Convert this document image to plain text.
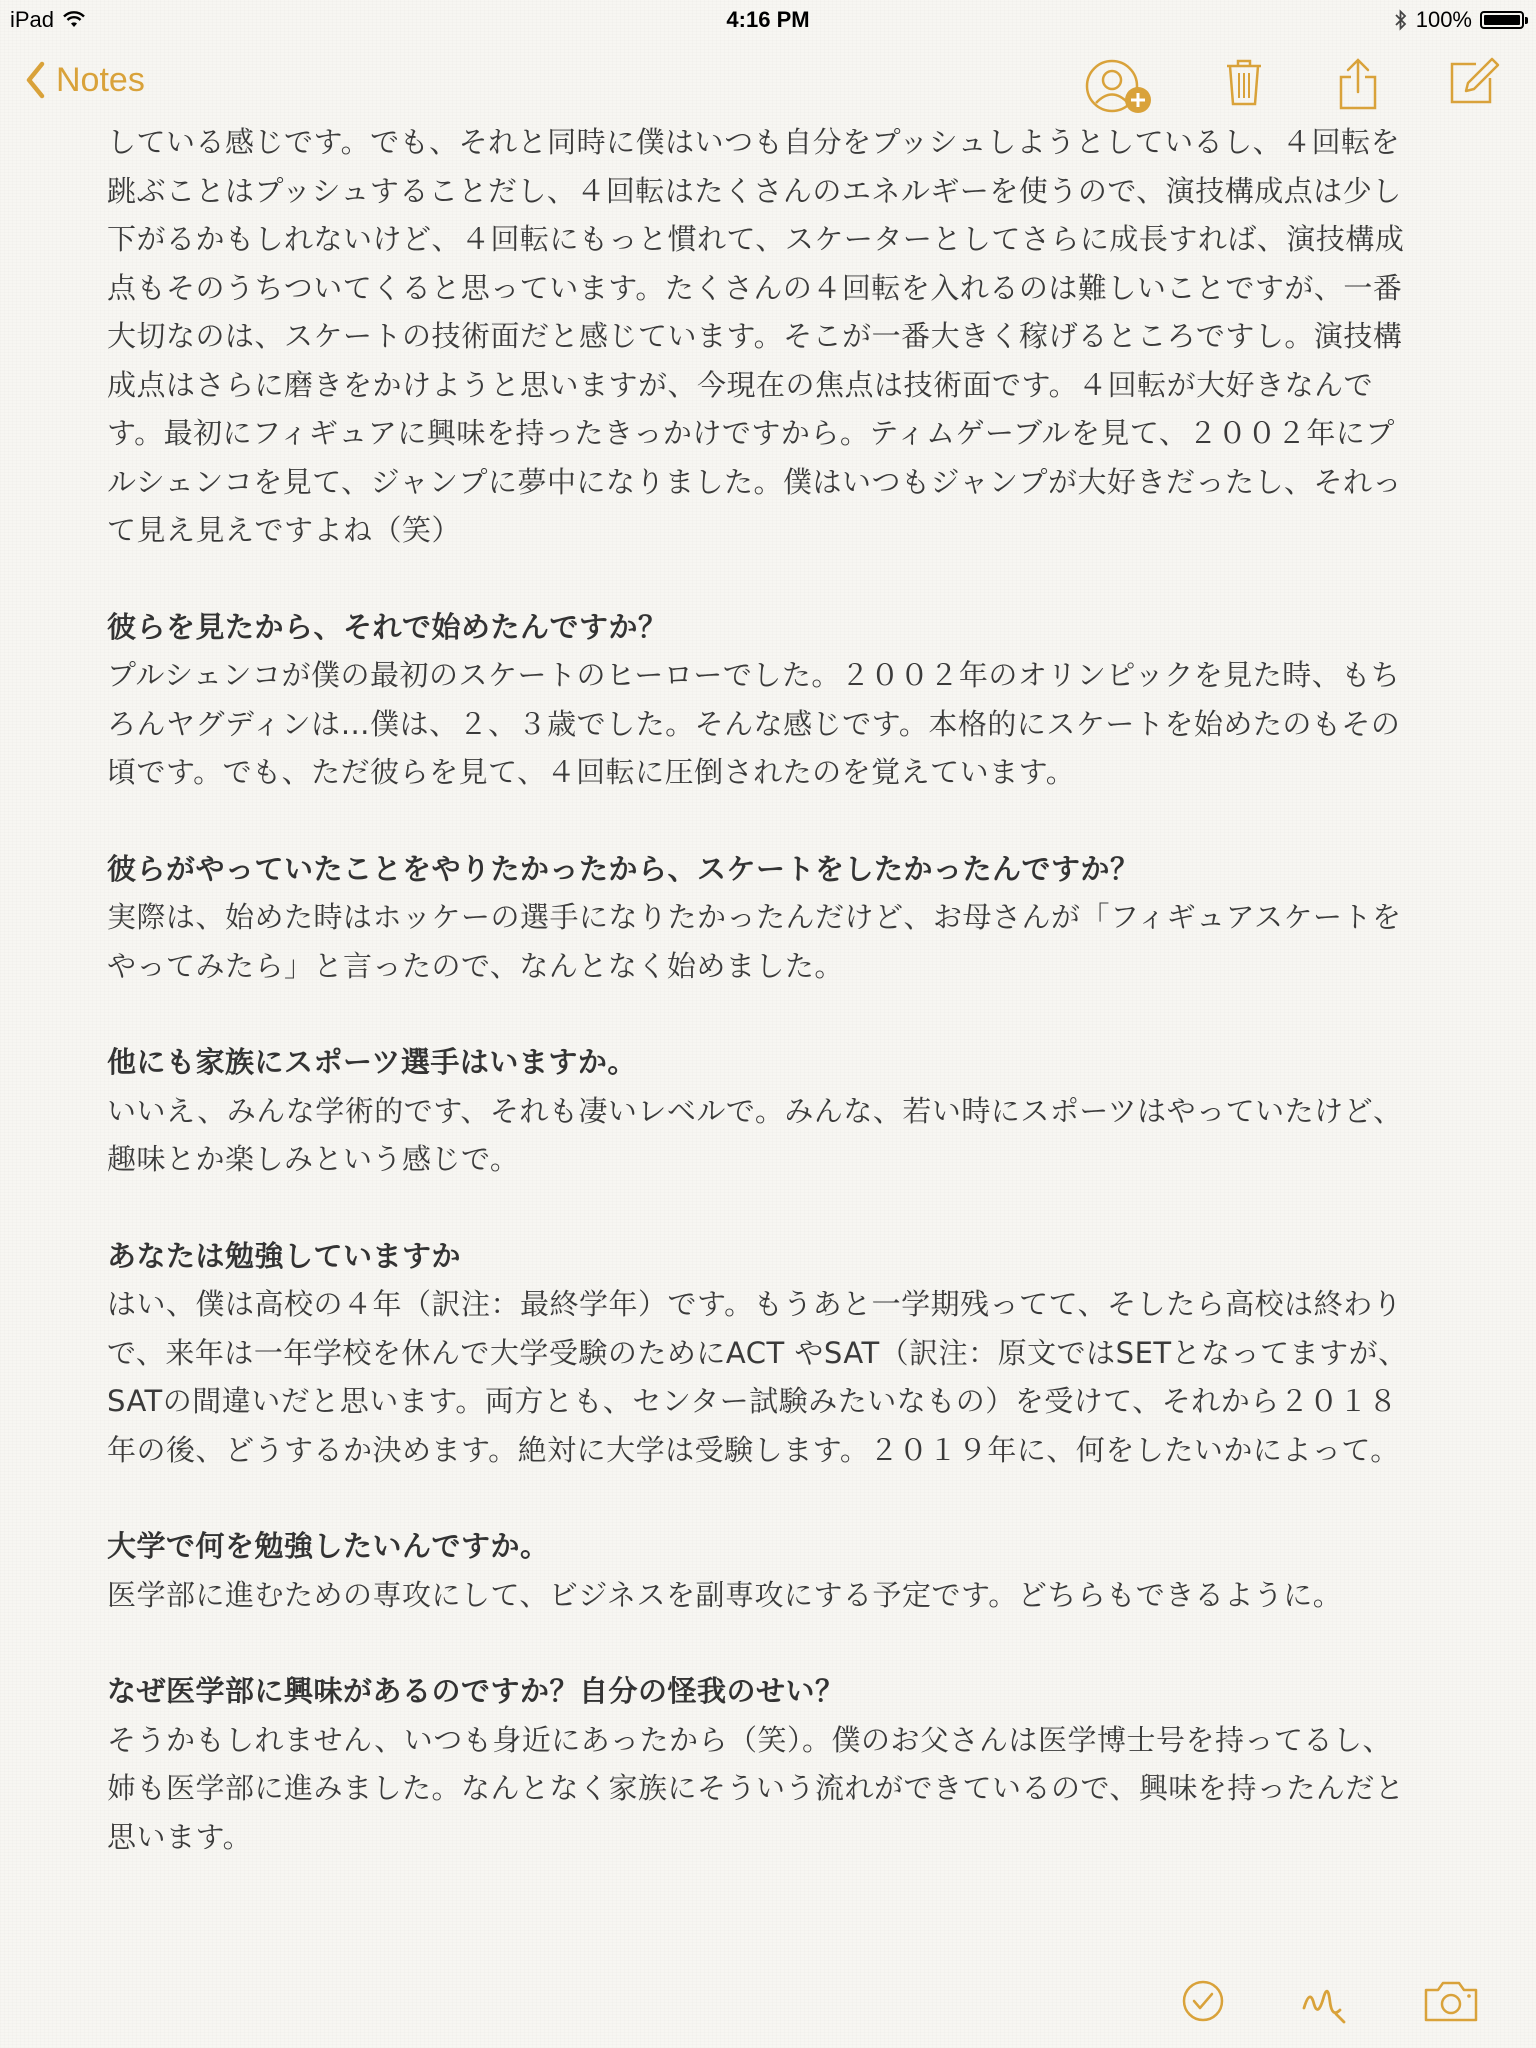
iPad	4:16 PM	100%
Notes

している感じです。でも、それと同時に僕はいつも自分をプッシュしようとしているし、４回転を跳ぶことはプッシュすることだし、４回転はたくさんのエネルギーを使うので、演技構成点は少し下がるかもしれないけど、４回転にもっと慣れて、スケーターとしてさらに成長すれば、演技構成点もそのうちついてくると思っています。たくさんの４回転を入れるのは難しいことですが、一番大切なのは、スケートの技術面だと感じています。そこが一番大きく稼げるところですし。演技構成点はさらに磨きをかけようと思いますが、今現在の焦点は技術面です。４回転が大好きなんです。最初にフィギュアに興味を持ったきっかけですから。ティムゲーブルを見て、２００２年にプルシェンコを見て、ジャンプに夢中になりました。僕はいつもジャンプが大好きだったし、それって見え見えですよね（笑）

彼らを見たから、それで始めたんですか？

プルシェンコが僕の最初のスケートのヒーローでした。２００２年のオリンピックを見た時、もちろんヤグディンは…僕は、２、３歳でした。そんな感じです。本格的にスケートを始めたのもその頃です。でも、ただ彼らを見て、４回転に圧倒されたのを覚えています。

彼らがやっていたことをやりたかったから、スケートをしたかったんですか？

実際は、始めた時はホッケーの選手になりたかったんだけど、お母さんが「フィギュアスケートをやってみたら」と言ったので、なんとなく始めました。

他にも家族にスポーツ選手はいますか。

いいえ、みんな学術的です、それも凄いレベルで。みんな、若い時にスポーツはやっていたけど、趣味とか楽しみという感じで。

あなたは勉強していますか

はい、僕は高校の４年（訳注：最終学年）です。もうあと一学期残ってて、そしたら高校は終わりで、来年は一年学校を休んで大学受験のためにACT やSAT（訳注：原文ではSETとなってますが、SATの間違いだと思います。両方とも、センター試験みたいなもの）を受けて、それから２０１８年の後、どうするか決めます。絶対に大学は受験します。２０１９年に、何をしたいかによって。

大学で何を勉強したいんですか。

医学部に進むための専攻にして、ビジネスを副専攻にする予定です。どちらもできるように。

なぜ医学部に興味があるのですか？自分の怪我のせい？

そうかもしれません、いつも身近にあったから（笑）。僕のお父さんは医学博士号を持ってるし、姉も医学部に進みました。なんとなく家族にそういう流れができているので、興味を持ったんだと思います。
